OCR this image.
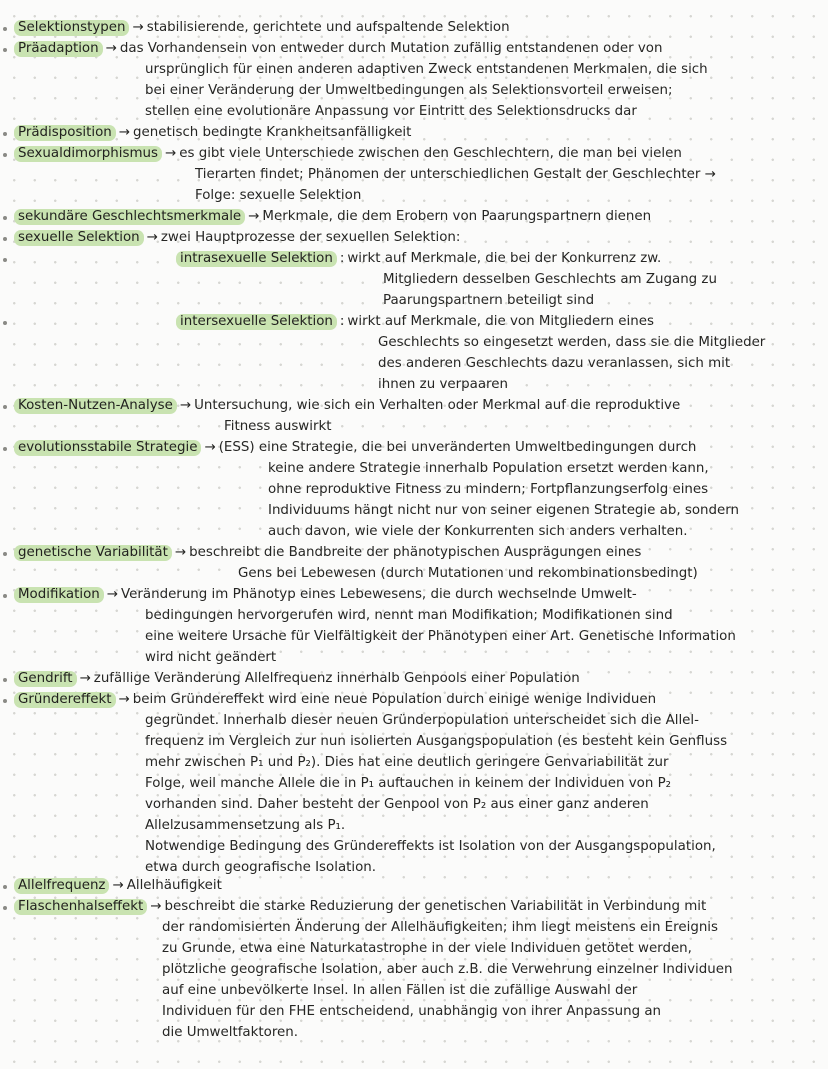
Selektionstypen → stabilisierende, gerichtete und aufspaltende Selektion
Präadaption → das Vorhandensein von entweder durch Mutation zufällig entstandenen oder von
ursprünglich für einen anderen adaptiven Zweck entstandenen Merkmalen, die sich
bei einer Veränderung der Umweltbedingungen als Selektionsvorteil erweisen;
stellen eine evolutionäre Anpassung vor Eintritt des Selektionsdrucks dar
Prädisposition → genetisch bedingte Krankheitsanfälligkeit
Sexualdimorphismus → es gibt viele Unterschiede zwischen den Geschlechtern, die man bei vielen
Tierarten findet; Phänomen der unterschiedlichen Gestalt der Geschlechter →
Folge: sexuelle Selektion
sekundäre Geschlechtsmerkmale → Merkmale, die dem Erobern von Paarungspartnern dienen
sexuelle Selektion → zwei Hauptprozesse der sexuellen Selektion:
intrasexuelle Selektion : wirkt auf Merkmale, die bei der Konkurrenz zw.
Mitgliedern desselben Geschlechts am Zugang zu
Paarungspartnern beteiligt sind
intersexuelle Selektion : wirkt auf Merkmale, die von Mitgliedern eines
Geschlechts so eingesetzt werden, dass sie die Mitglieder
des anderen Geschlechts dazu veranlassen, sich mit
ihnen zu verpaaren
Kosten-Nutzen-Analyse → Untersuchung, wie sich ein Verhalten oder Merkmal auf die reproduktive
Fitness auswirkt
evolutionsstabile Strategie → (ESS) eine Strategie, die bei unveränderten Umweltbedingungen durch
keine andere Strategie innerhalb Population ersetzt werden kann,
ohne reproduktive Fitness zu mindern; Fortpflanzungserfolg eines
Individuums hängt nicht nur von seiner eigenen Strategie ab, sondern
auch davon, wie viele der Konkurrenten sich anders verhalten.
genetische Variabilität → beschreibt die Bandbreite der phänotypischen Ausprägungen eines
Gens bei Lebewesen (durch Mutationen und rekombinationsbedingt)
Modifikation → Veränderung im Phänotyp eines Lebewesens, die durch wechselnde Umwelt-
bedingungen hervorgerufen wird, nennt man Modifikation; Modifikationen sind
eine weitere Ursache für Vielfältigkeit der Phänotypen einer Art. Genetische Information
wird nicht geändert
Gendrift → zufällige Veränderung Allelfrequenz innerhalb Genpools einer Population
Gründereffekt → beim Gründereffekt wird eine neue Population durch einige wenige Individuen
gegründet. Innerhalb dieser neuen Gründerpopulation unterscheidet sich die Allel-
frequenz im Vergleich zur nun isolierten Ausgangspopulation (es besteht kein Genfluss
mehr zwischen P₁ und P₂). Dies hat eine deutlich geringere Genvariabilität zur
Folge, weil manche Allele die in P₁ auftauchen in keinem der Individuen von P₂
vorhanden sind. Daher besteht der Genpool von P₂ aus einer ganz anderen
Allelzusammensetzung als P₁.
Notwendige Bedingung des Gründereffekts ist Isolation von der Ausgangspopulation,
etwa durch geografische Isolation.
Allelfrequenz → Allelhäufigkeit
Flaschenhalseffekt → beschreibt die starke Reduzierung der genetischen Variabilität in Verbindung mit
der randomisierten Änderung der Allelhäufigkeiten; ihm liegt meistens ein Ereignis
zu Grunde, etwa eine Naturkatastrophe in der viele Individuen getötet werden,
plötzliche geografische Isolation, aber auch z.B. die Verwehrung einzelner Individuen
auf eine unbevölkerte Insel. In allen Fällen ist die zufällige Auswahl der
Individuen für den FHE entscheidend, unabhängig von ihrer Anpassung an
die Umweltfaktoren.
